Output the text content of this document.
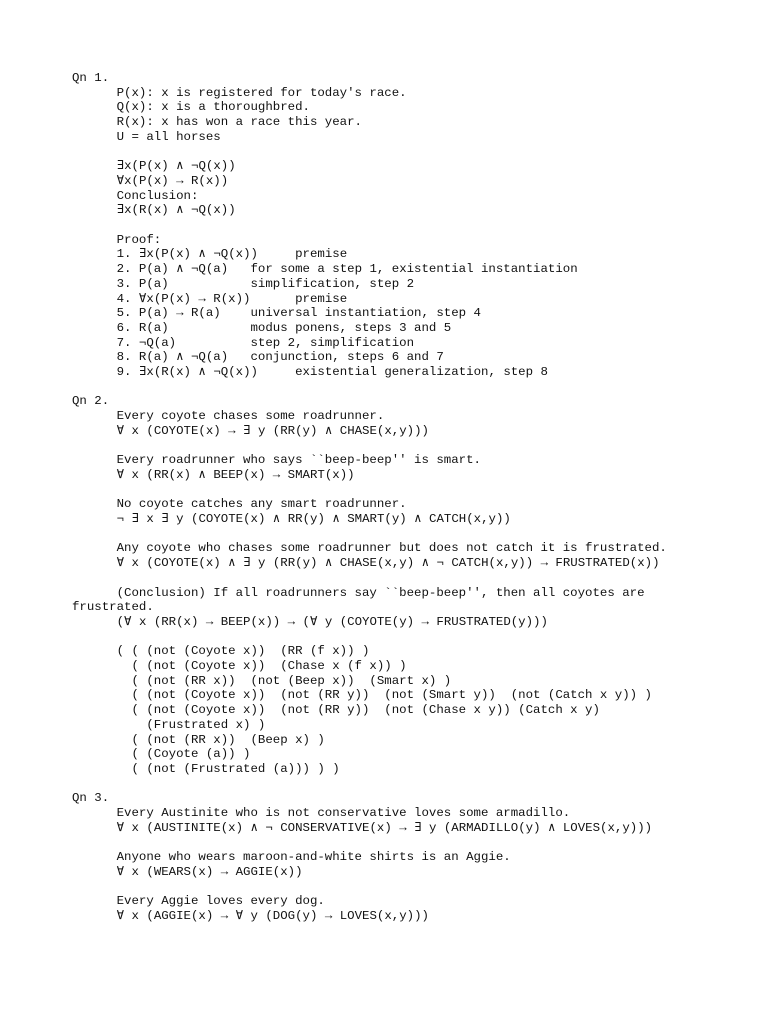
Qn 1.
P(x): x is registered for today's race.
Q(x): x is a thoroughbred.
R(x): x has won a race this year.
U = all horses
∃x(P(x) ∧ ¬Q(x))
∀x(P(x) → R(x))
Conclusion:
∃x(R(x) ∧ ¬Q(x))
Proof:
1. ∃x(P(x) ∧ ¬Q(x))     premise
2. P(a) ∧ ¬Q(a)   for some a step 1, existential instantiation
3. P(a)           simplification, step 2
4. ∀x(P(x) → R(x))      premise
5. P(a) → R(a)    universal instantiation, step 4
6. R(a)           modus ponens, steps 3 and 5
7. ¬Q(a)          step 2, simplification
8. R(a) ∧ ¬Q(a)   conjunction, steps 6 and 7
9. ∃x(R(x) ∧ ¬Q(x))     existential generalization, step 8
Qn 2.
Every coyote chases some roadrunner.
∀ x (COYOTE(x) → ∃ y (RR(y) ∧ CHASE(x,y)))
Every roadrunner who says ``beep-beep'' is smart.
∀ x (RR(x) ∧ BEEP(x) → SMART(x))
No coyote catches any smart roadrunner.
¬ ∃ x ∃ y (COYOTE(x) ∧ RR(y) ∧ SMART(y) ∧ CATCH(x,y))
Any coyote who chases some roadrunner but does not catch it is frustrated.
∀ x (COYOTE(x) ∧ ∃ y (RR(y) ∧ CHASE(x,y) ∧ ¬ CATCH(x,y)) → FRUSTRATED(x))
(Conclusion) If all roadrunners say ``beep-beep'', then all coyotes are
frustrated.
(∀ x (RR(x) → BEEP(x)) → (∀ y (COYOTE(y) → FRUSTRATED(y)))
( ( (not (Coyote x))  (RR (f x)) )
( (not (Coyote x))  (Chase x (f x)) )
( (not (RR x))  (not (Beep x))  (Smart x) )
( (not (Coyote x))  (not (RR y))  (not (Smart y))  (not (Catch x y)) )
( (not (Coyote x))  (not (RR y))  (not (Chase x y)) (Catch x y)
(Frustrated x) )
( (not (RR x))  (Beep x) )
( (Coyote (a)) )
( (not (Frustrated (a))) ) )
Qn 3.
Every Austinite who is not conservative loves some armadillo.
∀ x (AUSTINITE(x) ∧ ¬ CONSERVATIVE(x) → ∃ y (ARMADILLO(y) ∧ LOVES(x,y)))
Anyone who wears maroon-and-white shirts is an Aggie.
∀ x (WEARS(x) → AGGIE(x))
Every Aggie loves every dog.
∀ x (AGGIE(x) → ∀ y (DOG(y) → LOVES(x,y)))
